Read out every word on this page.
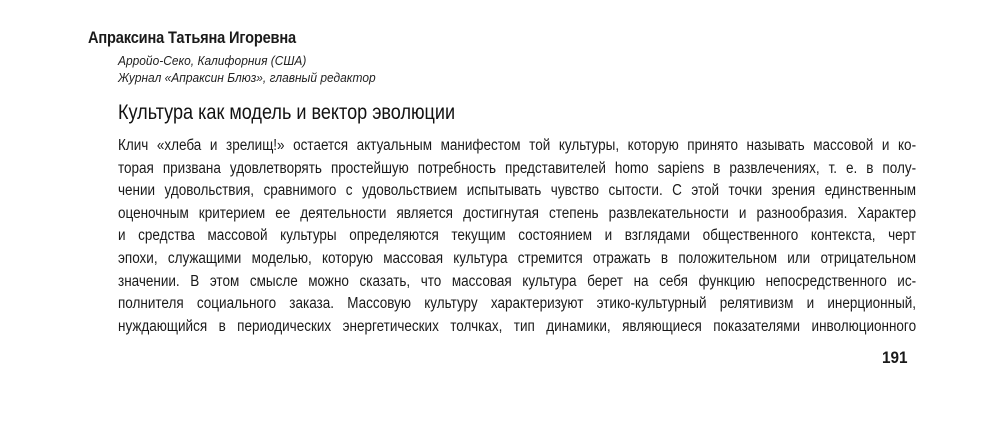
Апраксина Татьяна Игоревна
Арройо-Секо, Калифорния (США)
Журнал «Апраксин Блюз», главный редактор
Культура как модель и вектор эволюции
Клич «хлеба и зрелищ!» остается актуальным манифестом той культуры, которую принято называть массовой и ко-
торая призвана удовлетворять простейшую потребность представителей homo sapiens в развлечениях, т. е. в полу-
чении удовольствия, сравнимого с удовольствием испытывать чувство сытости. С этой точки зрения единственным
оценочным критерием ее деятельности является достигнутая степень развлекательности и разнообразия. Характер
и средства массовой культуры определяются текущим состоянием и взглядами общественного контекста, черт
эпохи, служащими моделью, которую массовая культура стремится отражать в положительном или отрицательном
значении. В этом смысле можно сказать, что массовая культура берет на себя функцию непосредственного ис-
полнителя социального заказа. Массовую культуру характеризуют этико-культурный релятивизм и инерционный,
нуждающийся в периодических энергетических толчках, тип динамики, являющиеся показателями инволюционного
191
